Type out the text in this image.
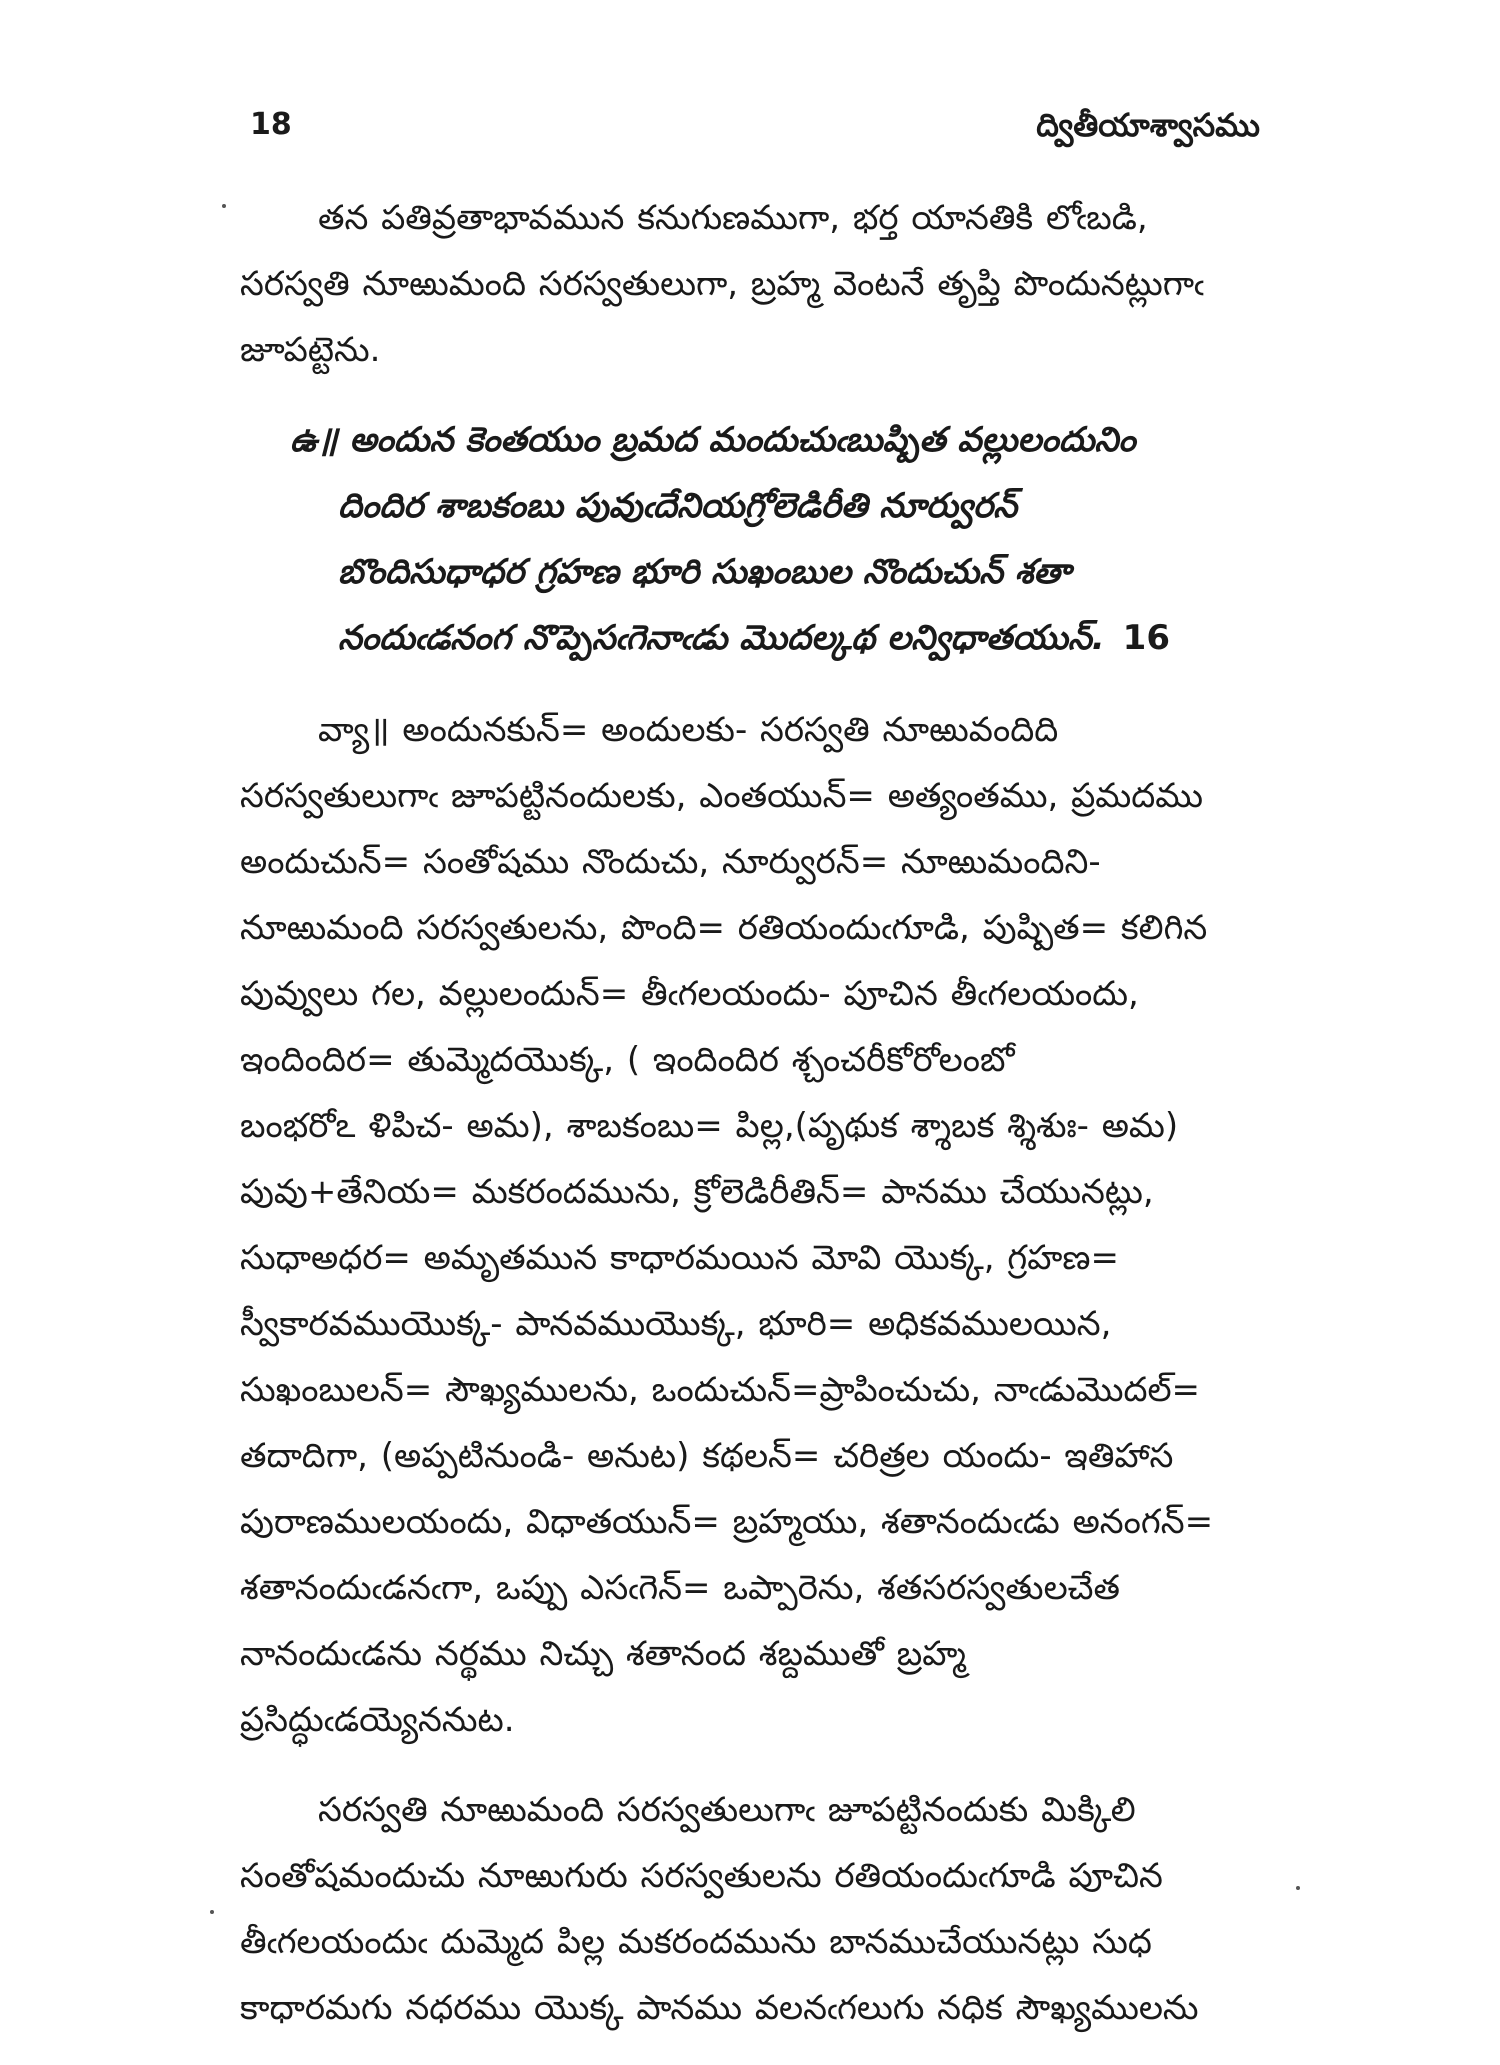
18	ద్వితీయాశ్వాసము

తన పతివ్రతాభావమున కనుగుణముగా, భర్త యానతికి లోఁబడి,
సరస్వతి నూఱుమంది సరస్వతులుగా, బ్రహ్మ వెంటనే తృప్తి పొందునట్లుగాఁ
జూపట్టెను.

ఉ॥ అందున కెంతయుం బ్రమద మందుచుఁబుష్పిత వల్లులందునిం
దిందిర శాబకంబు పువుఁదేనియగ్రోలెడిరీతి నూర్వురన్
బొందిసుధాధర గ్రహణ భూరి సుఖంబుల నొందుచున్ శతా
నందుఁడనంగ నొప్పెసఁగెనాఁడు మొదల్కథ లన్విధాతయున్. 16

వ్యా॥ అందునకున్= అందులకు- సరస్వతి నూఱువందిది
సరస్వతులుగాఁ జూపట్టినందులకు, ఎంతయున్= అత్యంతము, ప్రమదము
అందుచున్= సంతోషము నొందుచు, నూర్వురన్= నూఱుమందిని-
నూఱుమంది సరస్వతులను, పొంది= రతియందుఁగూడి, పుష్పిత= కలిగిన
పువ్వులు గల, వల్లులందున్= తీఁగలయందు- పూచిన తీఁగలయందు,
ఇందిందిర= తుమ్మెదయొక్క, ( ఇందిందిర శ్చంచరీకోరోలంబో
బంభరోఽ ళిపిచ- అమ), శాబకంబు= పిల్ల,(పృథుక శ్శాబక శ్శిశుః- అమ)
పువు+తేనియ= మకరందమును, క్రోలెడిరీతిన్= పానము చేయునట్లు,
సుధాఅధర= అమృతమున కాధారమయిన మోవి యొక్క, గ్రహణ=
స్వీకారవముయొక్క- పానవముయొక్క, భూరి= అధికవములయిన,
సుఖంబులన్= సౌఖ్యములను, ఒందుచున్=ప్రాపించుచు, నాఁడుమొదల్=
తదాదిగా, (అప్పటినుండి- అనుట) కథలన్= చరిత్రల యందు- ఇతిహాస
పురాణములయందు, విధాతయున్= బ్రహ్మయు, శతానందుఁడు అనంగన్=
శతానందుఁడనఁగా, ఒప్పు ఎసఁగెన్= ఒప్పారెను, శతసరస్వతులచేత
నానందుఁడను నర్థము నిచ్చు శతానంద శబ్దముతో బ్రహ్మ
ప్రసిద్ధుఁడయ్యెననుట.

సరస్వతి నూఱుమంది సరస్వతులుగాఁ జూపట్టినందుకు మిక్కిలి
సంతోషమందుచు నూఱుగురు సరస్వతులను రతియందుఁగూడి పూచిన
తీఁగలయందుఁ దుమ్మెద పిల్ల మకరందమును బానముచేయునట్లు సుధ
కాధారమగు నధరము యొక్క పానము వలనఁగలుగు నధిక సౌఖ్యములను
